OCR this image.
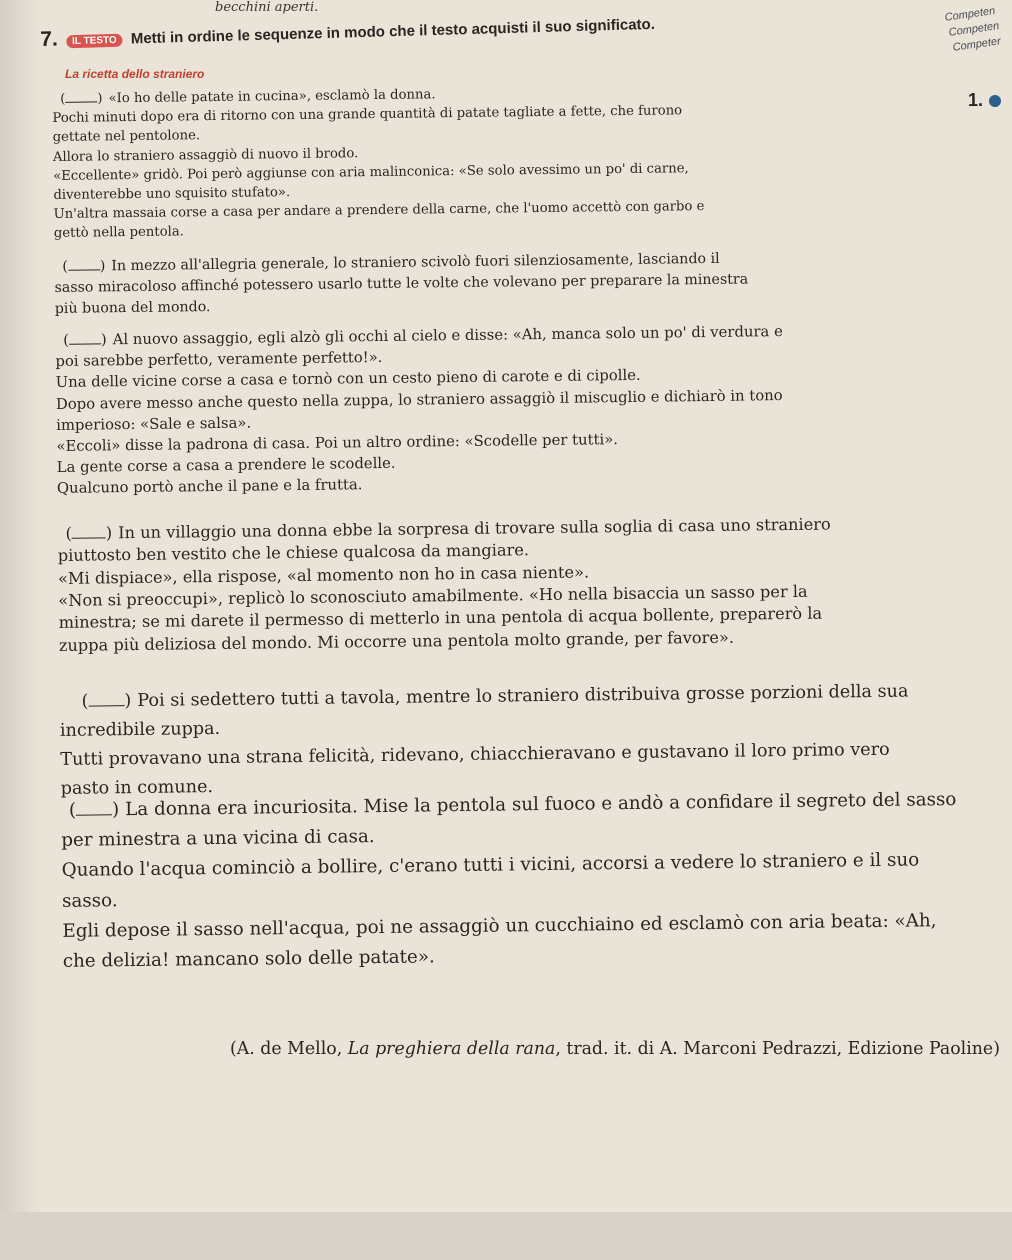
becchini aperti.	Competen
Competen
Competer
7. IL TESTO Metti in ordine le sequenze in modo che il testo acquisti il suo significato.
La ricetta dello straniero
1.
( ) «Io ho delle patate in cucina», esclamò la donna.
Pochi minuti dopo era di ritorno con una grande quantità di patate tagliate a fette, che furono
gettate nel pentolone.
Allora lo straniero assaggiò di nuovo il brodo.
«Eccellente» gridò. Poi però aggiunse con aria malinconica: «Se solo avessimo un po' di carne,
diventerebbe uno squisito stufato».
Un'altra massaia corse a casa per andare a prendere della carne, che l'uomo accettò con garbo e
gettò nella pentola.
( ) In mezzo all'allegria generale, lo straniero scivolò fuori silenziosamente, lasciando il
sasso miracoloso affinché potessero usarlo tutte le volte che volevano per preparare la minestra
più buona del mondo.
( ) Al nuovo assaggio, egli alzò gli occhi al cielo e disse: «Ah, manca solo un po' di verdura e
poi sarebbe perfetto, veramente perfetto!».
Una delle vicine corse a casa e tornò con un cesto pieno di carote e di cipolle.
Dopo avere messo anche questo nella zuppa, lo straniero assaggiò il miscuglio e dichiarò in tono
imperioso: «Sale e salsa».
«Eccoli» disse la padrona di casa. Poi un altro ordine: «Scodelle per tutti».
La gente corse a casa a prendere le scodelle.
Qualcuno portò anche il pane e la frutta.
( ) In un villaggio una donna ebbe la sorpresa di trovare sulla soglia di casa uno straniero
piuttosto ben vestito che le chiese qualcosa da mangiare.
«Mi dispiace», ella rispose, «al momento non ho in casa niente».
«Non si preoccupi», replicò lo sconosciuto amabilmente. «Ho nella bisaccia un sasso per la
minestra; se mi darete il permesso di metterlo in una pentola di acqua bollente, preparerò la
zuppa più deliziosa del mondo. Mi occorre una pentola molto grande, per favore».
( ) Poi si sedettero tutti a tavola, mentre lo straniero distribuiva grosse porzioni della sua
incredibile zuppa.
Tutti provavano una strana felicità, ridevano, chiacchieravano e gustavano il loro primo vero
pasto in comune.
( ) La donna era incuriosita. Mise la pentola sul fuoco e andò a confidare il segreto del sasso
per minestra a una vicina di casa.
Quando l'acqua cominciò a bollire, c'erano tutti i vicini, accorsi a vedere lo straniero e il suo
sasso.
Egli depose il sasso nell'acqua, poi ne assaggiò un cucchiaino ed esclamò con aria beata: «Ah,
che delizia! mancano solo delle patate».
(A. de Mello, La preghiera della rana, trad. it. di A. Marconi Pedrazzi, Edizione Paoline)
